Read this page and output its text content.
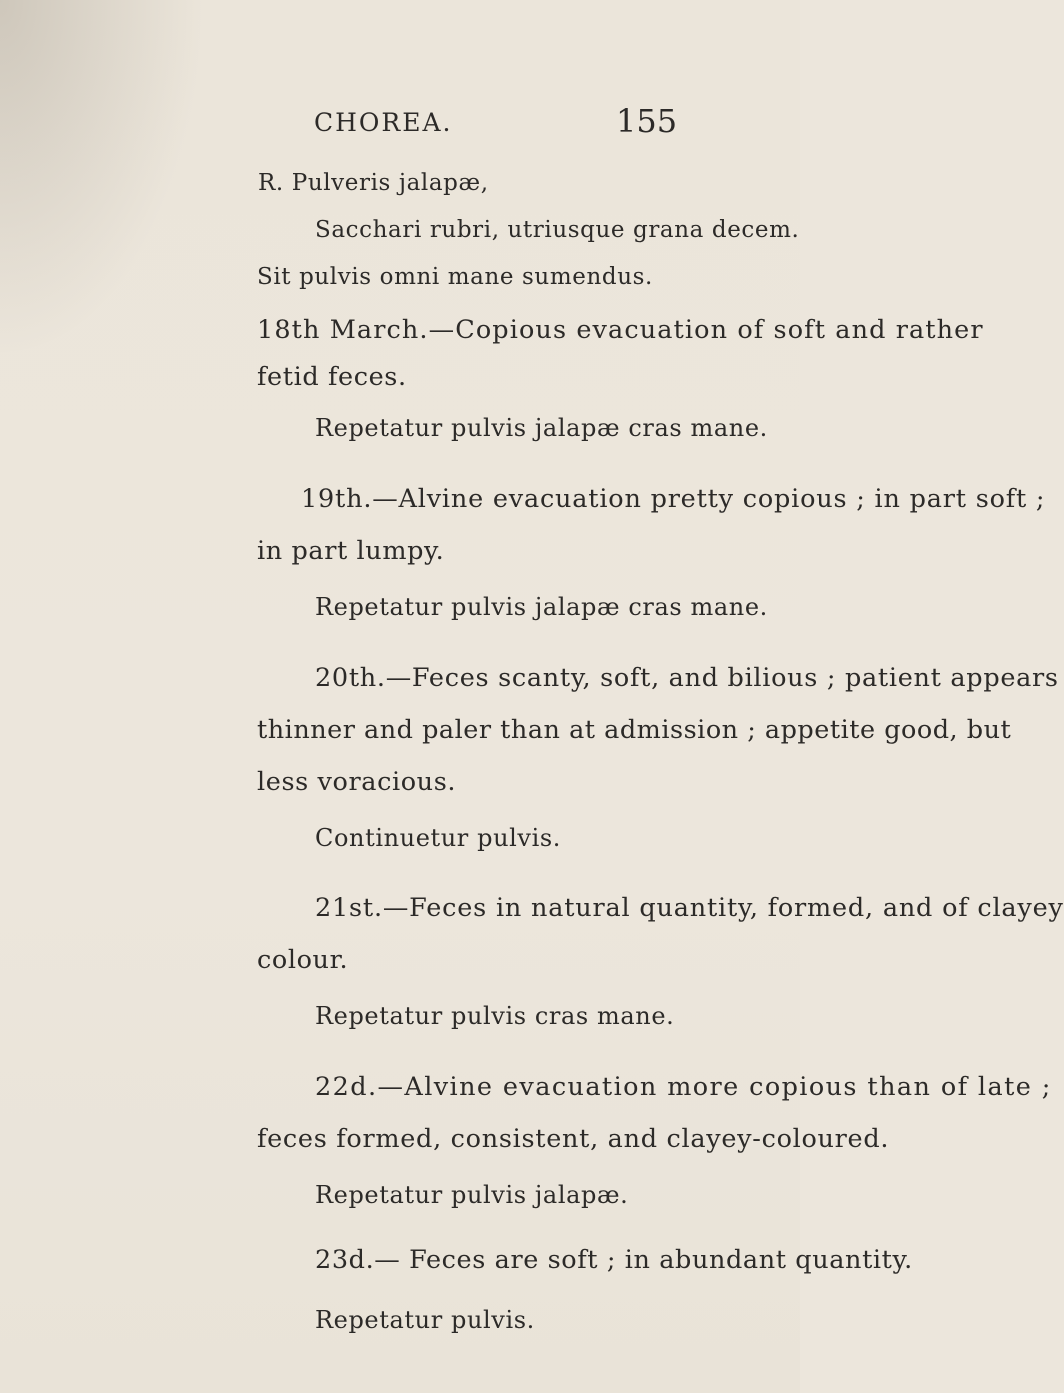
CHOREA.	155
R. Pulveris jalapæ,
Sacchari rubri, utriusque grana decem.
Sit pulvis omni mane sumendus.
18th March.—Copious evacuation of soft and rather
fetid feces.
Repetatur pulvis jalapæ cras mane.
19th.—Alvine evacuation pretty copious ; in part soft ;
in part lumpy.
Repetatur pulvis jalapæ cras mane.
20th.—Feces scanty, soft, and bilious ; patient appears
thinner and paler than at admission ; appetite good, but
less voracious.
Continuetur pulvis.
21st.—Feces in natural quantity, formed, and of clayey
colour.
Repetatur pulvis cras mane.
22d.—Alvine evacuation more copious than of late ;
feces formed, consistent, and clayey-coloured.
Repetatur pulvis jalapæ.
23d.— Feces are soft ; in abundant quantity.
Repetatur pulvis.
